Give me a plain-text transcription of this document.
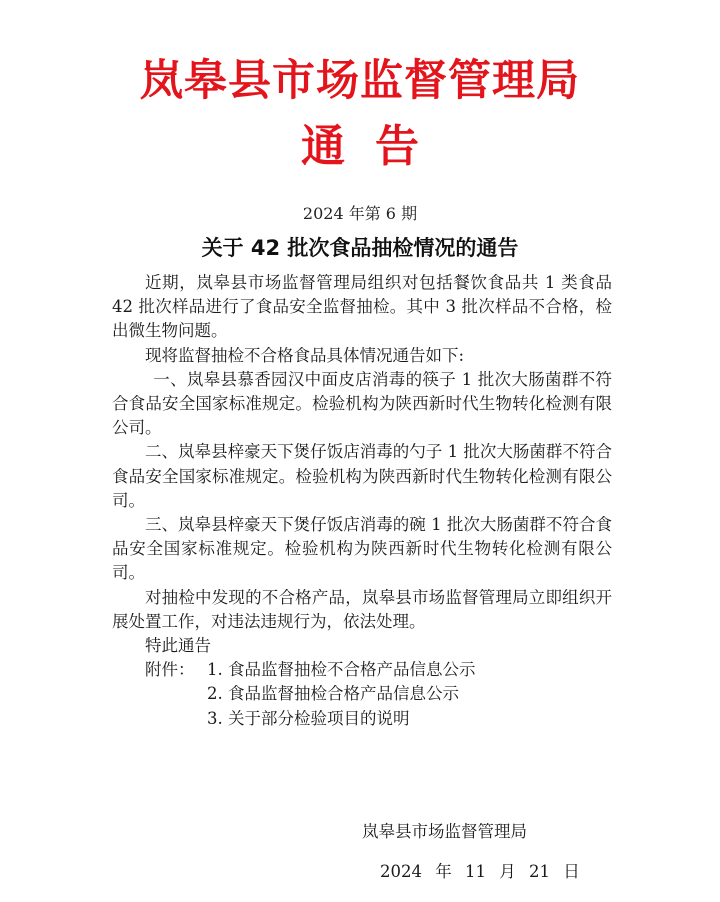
岚皋县市场监督管理局
通告
2024 年第 6 期
关于 42 批次食品抽检情况的通告

近期，岚皋县市场监督管理局组织对包括餐饮食品共 1 类食品 42 批次样品进行了食品安全监督抽检。其中 3 批次样品不合格，检出微生物问题。

现将监督抽检不合格食品具体情况通告如下:

一、岚皋县慕香园汉中面皮店消毒的筷子 1 批次大肠菌群不符合食品安全国家标准规定。检验机构为陕西新时代生物转化检测有限公司。

二、岚皋县梓豪天下煲仔饭店消毒的勺子 1 批次大肠菌群不符合食品安全国家标准规定。检验机构为陕西新时代生物转化检测有限公司。

三、岚皋县梓豪天下煲仔饭店消毒的碗 1 批次大肠菌群不符合食品安全国家标准规定。检验机构为陕西新时代生物转化检测有限公司。

对抽检中发现的不合格产品，岚皋县市场监督管理局立即组织开展处置工作，对违法违规行为，依法处理。

特此通告

附件： 1. 食品监督抽检不合格产品信息公示
2. 食品监督抽检合格产品信息公示
3. 关于部分检验项目的说明
岚皋县市场监督管理局
2024 年 11 月 21 日
